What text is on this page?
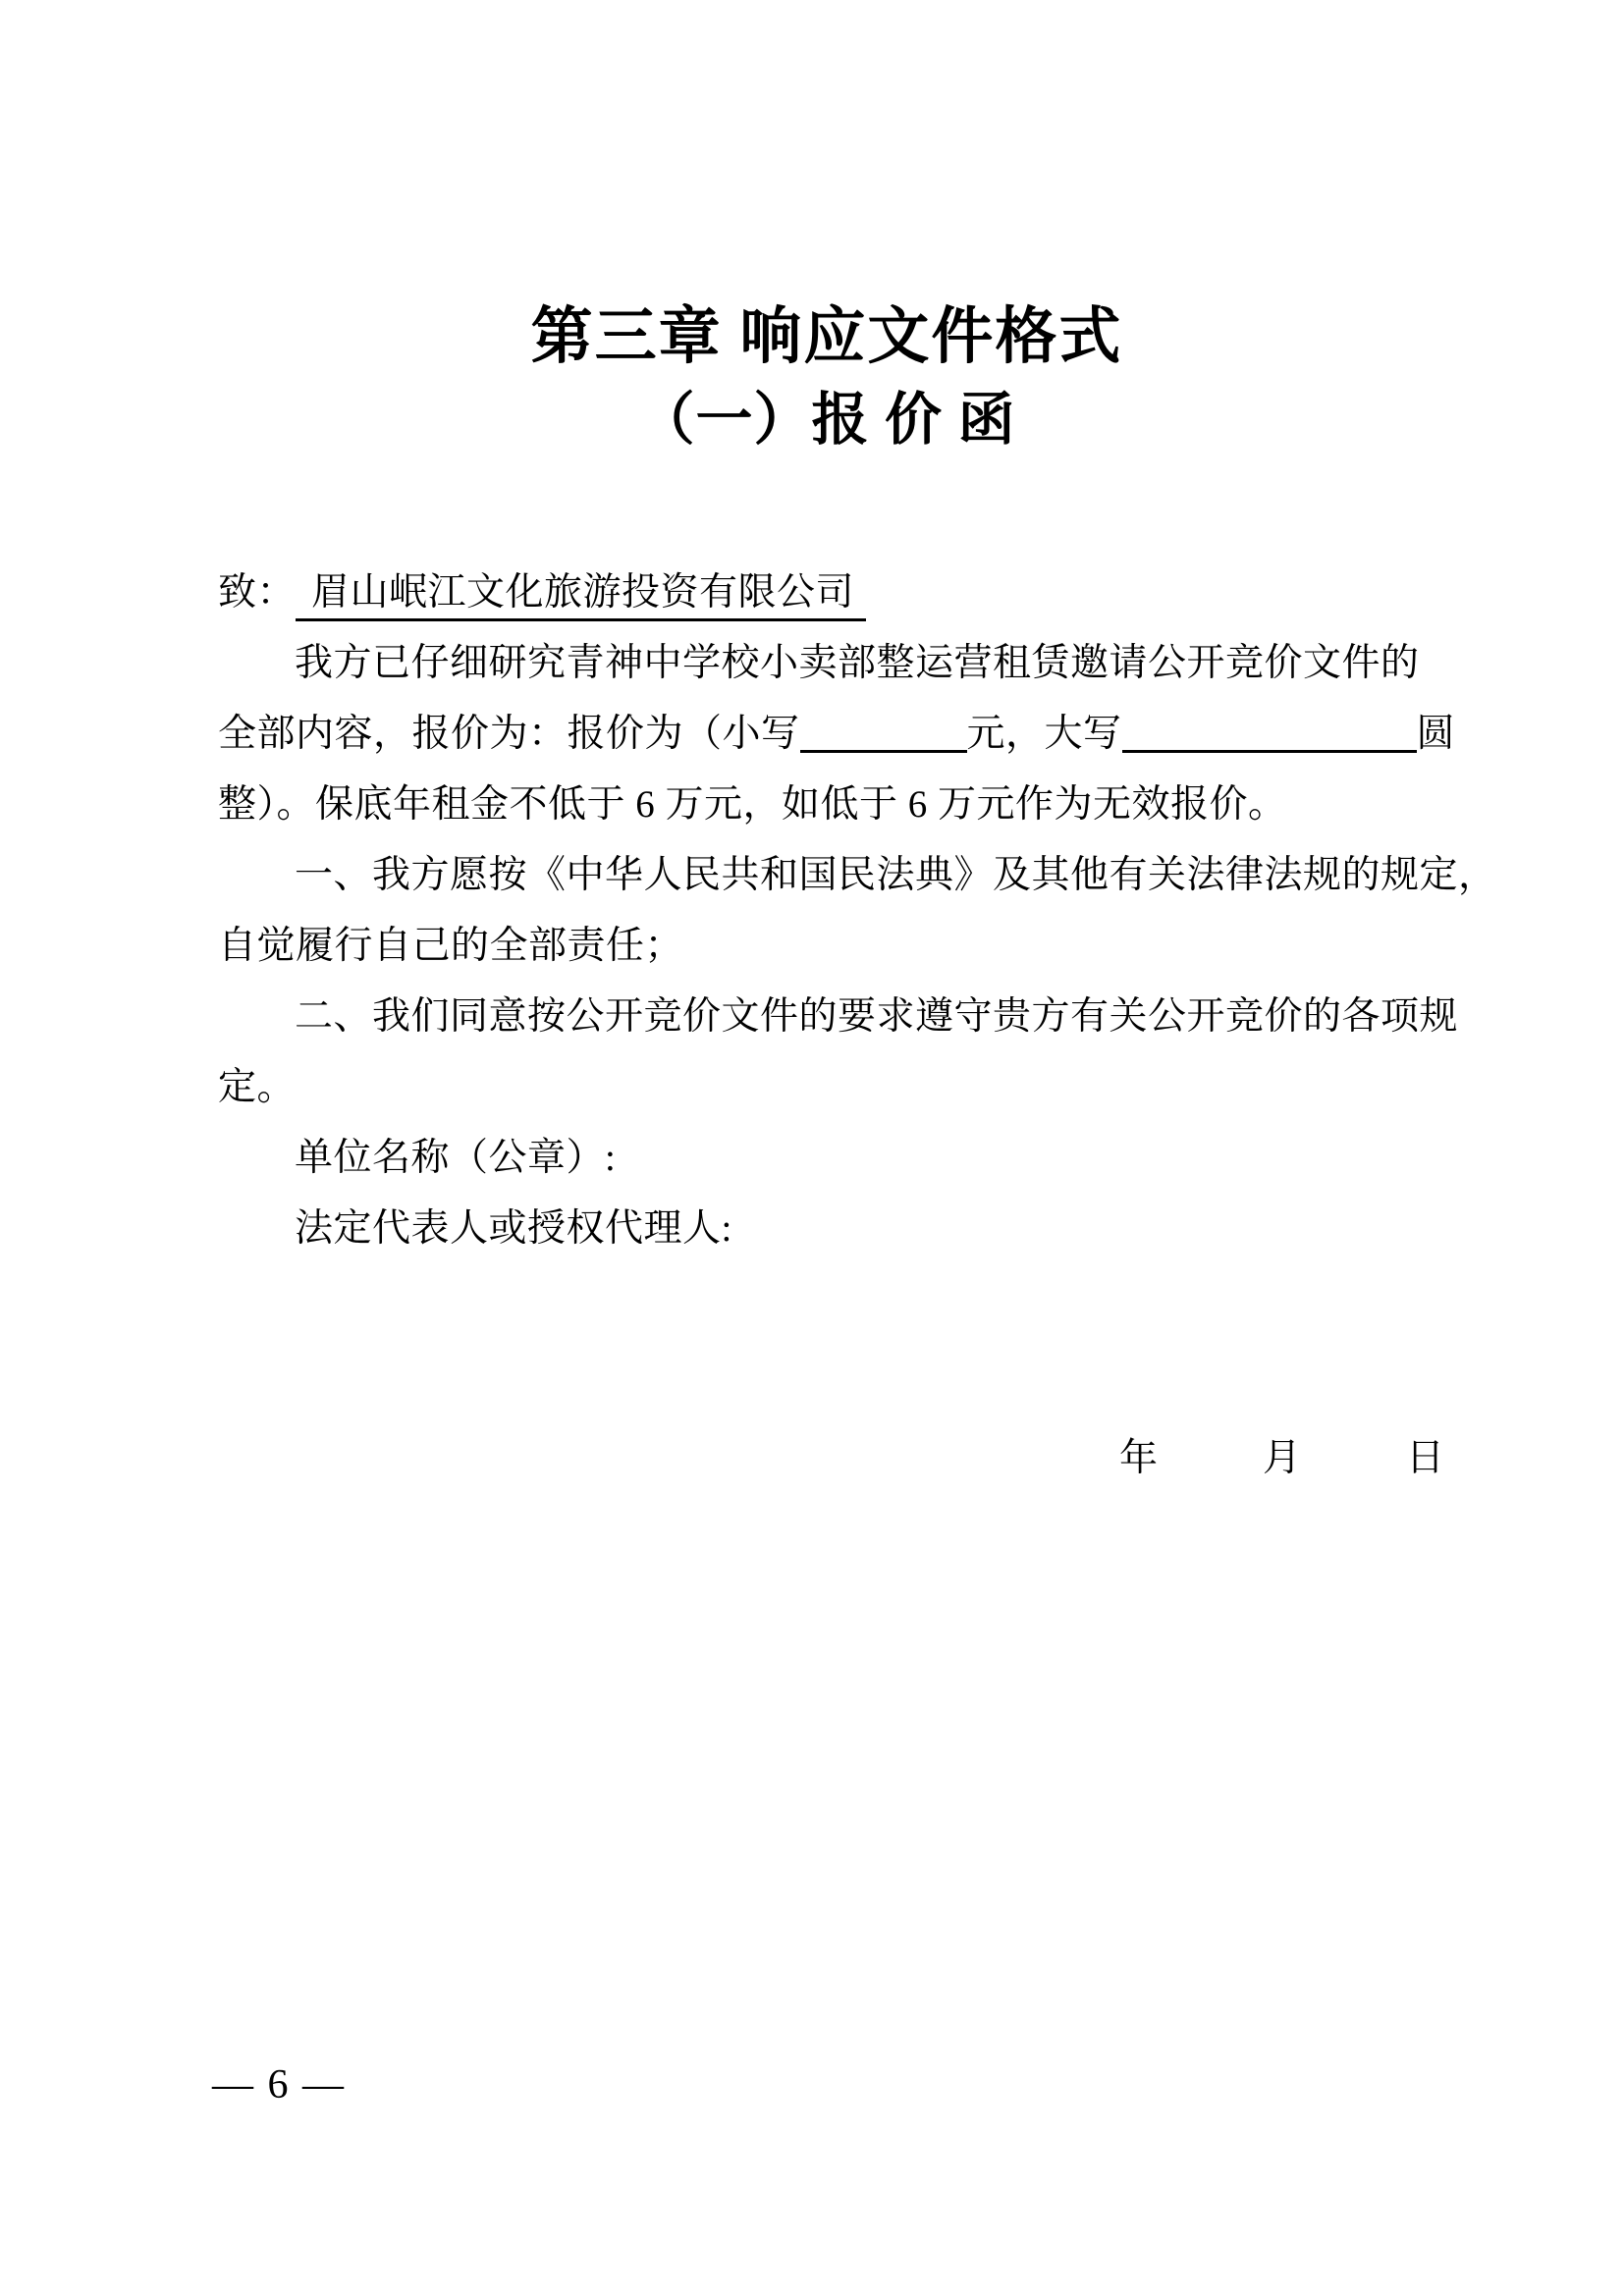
第三章 响应文件格式
（一）报 价 函
致： 眉山岷江文化旅游投资有限公司
我方已仔细研究青神中学校小卖部整运营租赁邀请公开竞价文件的
全部内容，报价为：报价为（小写	元，大写	圆
整）。保底年租金不低于 6 万元，如低于 6 万元作为无效报价。
一、我方愿按《中华人民共和国民法典》及其他有关法律法规的规定，
自觉履行自己的全部责任；
二、我们同意按公开竞价文件的要求遵守贵方有关公开竞价的各项规
定。
单位名称（公章）:
法定代表人或授权代理人:
年	月	日
— 6 —
